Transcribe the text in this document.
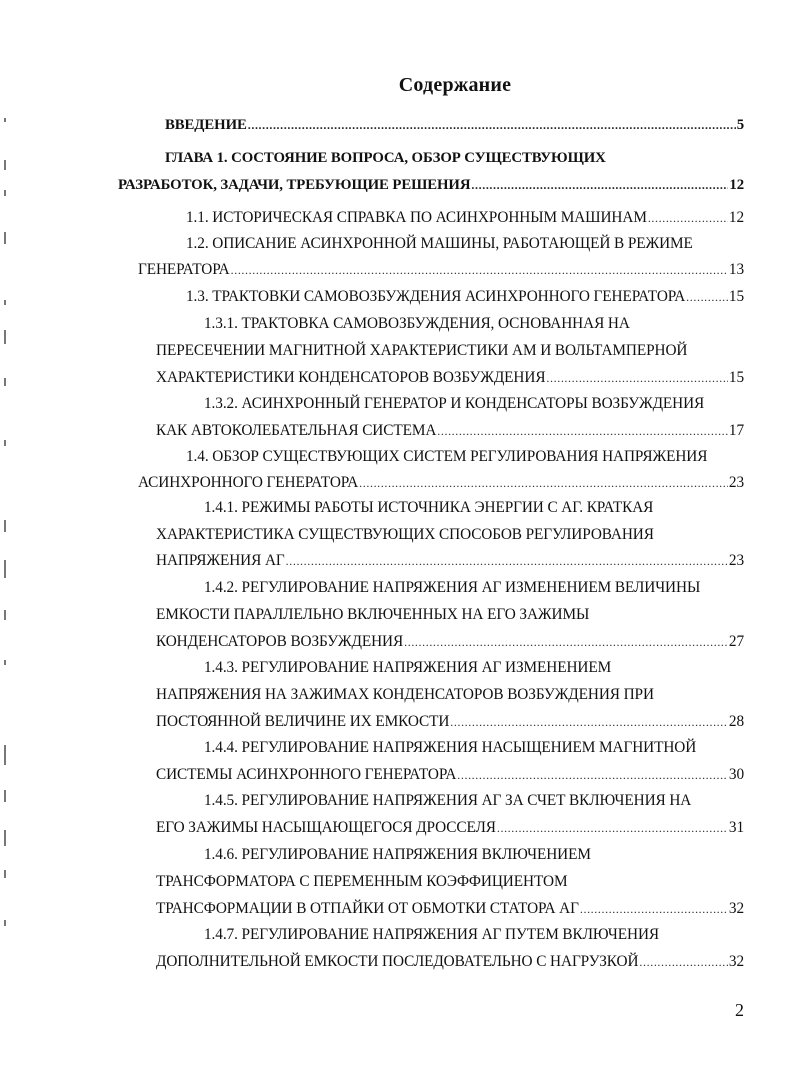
Содержание
ВВЕДЕНИЕ .....	5
ГЛАВА 1. СОСТОЯНИЕ ВОПРОСА, ОБЗОР СУЩЕСТВУЮЩИХ
РАЗРАБОТОК, ЗАДАЧИ, ТРЕБУЮЩИЕ РЕШЕНИЯ .....	12
1.1. ИСТОРИЧЕСКАЯ СПРАВКА ПО АСИНХРОННЫМ МАШИНАМ .....	12
1.2. ОПИСАНИЕ АСИНХРОННОЙ МАШИНЫ, РАБОТАЮЩЕЙ В РЕЖИМЕ
ГЕНЕРАТОРА .....	13
1.3. ТРАКТОВКИ САМОВОЗБУЖДЕНИЯ АСИНХРОННОГО ГЕНЕРАТОРА .....	15
1.3.1. ТРАКТОВКА САМОВОЗБУЖДЕНИЯ, ОСНОВАННАЯ НА
ПЕРЕСЕЧЕНИИ МАГНИТНОЙ ХАРАКТЕРИСТИКИ АМ И ВОЛЬТАМПЕРНОЙ
ХАРАКТЕРИСТИКИ КОНДЕНСАТОРОВ ВОЗБУЖДЕНИЯ .....	15
1.3.2. АСИНХРОННЫЙ ГЕНЕРАТОР И КОНДЕНСАТОРЫ ВОЗБУЖДЕНИЯ
КАК АВТОКОЛЕБАТЕЛЬНАЯ СИСТЕМА .....	17
1.4. ОБЗОР СУЩЕСТВУЮЩИХ СИСТЕМ РЕГУЛИРОВАНИЯ НАПРЯЖЕНИЯ
АСИНХРОННОГО ГЕНЕРАТОРА .....	23
1.4.1. РЕЖИМЫ РАБОТЫ ИСТОЧНИКА ЭНЕРГИИ С АГ. КРАТКАЯ
ХАРАКТЕРИСТИКА СУЩЕСТВУЮЩИХ СПОСОБОВ РЕГУЛИРОВАНИЯ
НАПРЯЖЕНИЯ АГ .....	23
1.4.2. РЕГУЛИРОВАНИЕ НАПРЯЖЕНИЯ АГ ИЗМЕНЕНИЕМ ВЕЛИЧИНЫ
ЕМКОСТИ ПАРАЛЛЕЛЬНО ВКЛЮЧЕННЫХ НА ЕГО ЗАЖИМЫ
КОНДЕНСАТОРОВ ВОЗБУЖДЕНИЯ .....	27
1.4.3. РЕГУЛИРОВАНИЕ НАПРЯЖЕНИЯ АГ ИЗМЕНЕНИЕМ
НАПРЯЖЕНИЯ НА ЗАЖИМАХ КОНДЕНСАТОРОВ ВОЗБУЖДЕНИЯ ПРИ
ПОСТОЯННОЙ ВЕЛИЧИНЕ ИХ ЕМКОСТИ .....	28
1.4.4. РЕГУЛИРОВАНИЕ НАПРЯЖЕНИЯ НАСЫЩЕНИЕМ МАГНИТНОЙ
СИСТЕМЫ АСИНХРОННОГО ГЕНЕРАТОРА .....	30
1.4.5. РЕГУЛИРОВАНИЕ НАПРЯЖЕНИЯ АГ ЗА СЧЕТ ВКЛЮЧЕНИЯ НА
ЕГО ЗАЖИМЫ НАСЫЩАЮЩЕГОСЯ ДРОССЕЛЯ .....	31
1.4.6. РЕГУЛИРОВАНИЕ НАПРЯЖЕНИЯ ВКЛЮЧЕНИЕМ
ТРАНСФОРМАТОРА С ПЕРЕМЕННЫМ КОЭФФИЦИЕНТОМ
ТРАНСФОРМАЦИИ В ОТПАЙКИ ОТ ОБМОТКИ СТАТОРА АГ .....	32
1.4.7. РЕГУЛИРОВАНИЕ НАПРЯЖЕНИЯ АГ ПУТЕМ ВКЛЮЧЕНИЯ
ДОПОЛНИТЕЛЬНОЙ ЕМКОСТИ ПОСЛЕДОВАТЕЛЬНО С НАГРУЗКОЙ .....	32
2
